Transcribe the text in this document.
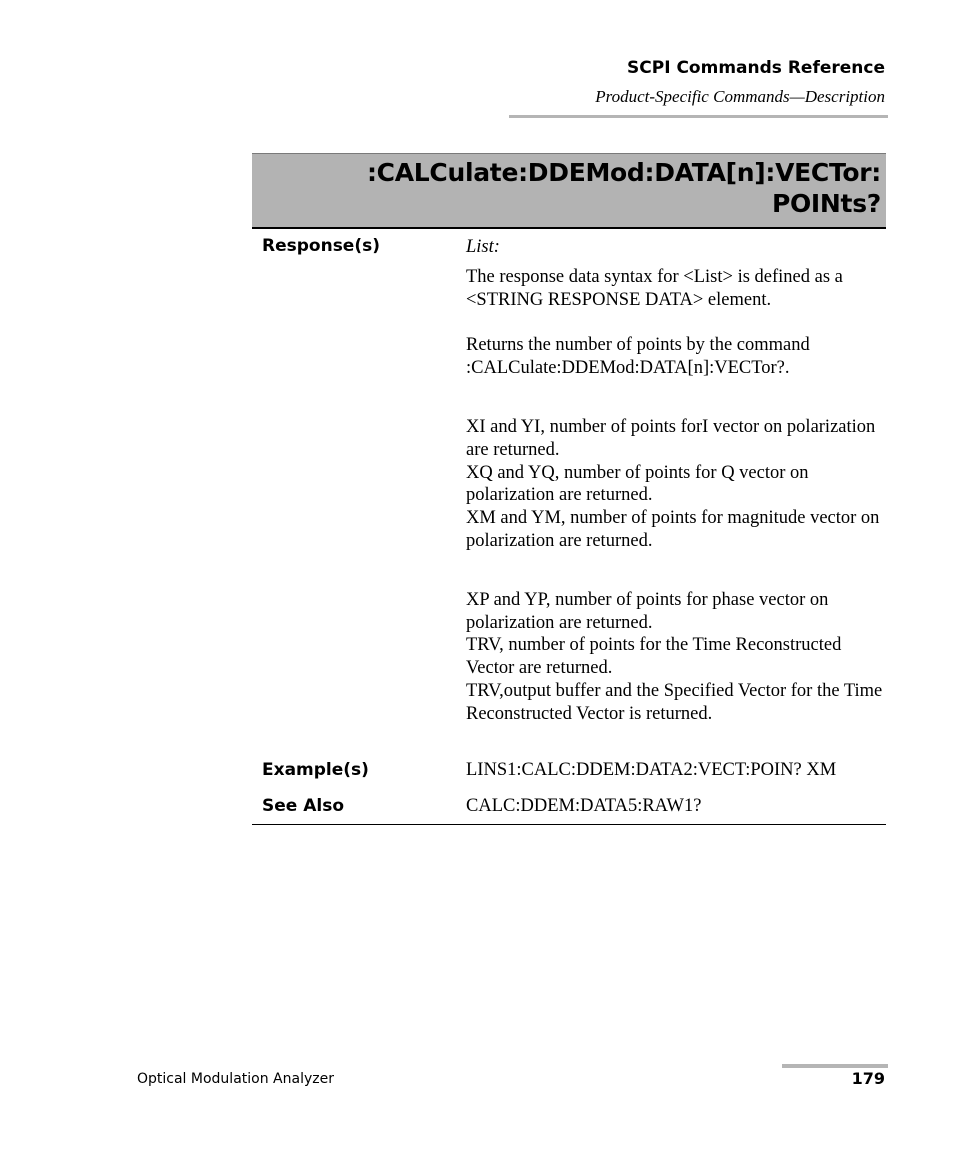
SCPI Commands Reference
Product-Specific Commands—Description
:CALCulate:DDEMod:DATA[n]:VECTor:
POINts?
Response(s)	List:

The response data syntax for <List> is defined as a <STRING RESPONSE DATA> element.

Returns the number of points by the command :CALCulate:DDEMod:DATA[n]:VECTor?.

XI and YI, number of points forI vector on polarization are returned.

XQ and YQ, number of points for Q vector on polarization are returned.

XM and YM, number of points for magnitude vector on polarization are returned.

XP and YP, number of points for phase vector on polarization are returned.

TRV, number of points for the Time Reconstructed Vector are returned.

TRV,output buffer and the Specified Vector for the Time Reconstructed Vector is returned.

Example(s)	LINS1:CALC:DDEM:DATA2:VECT:POIN? XM
See Also	CALC:DDEM:DATA5:RAW1?
Optical Modulation Analyzer	179
